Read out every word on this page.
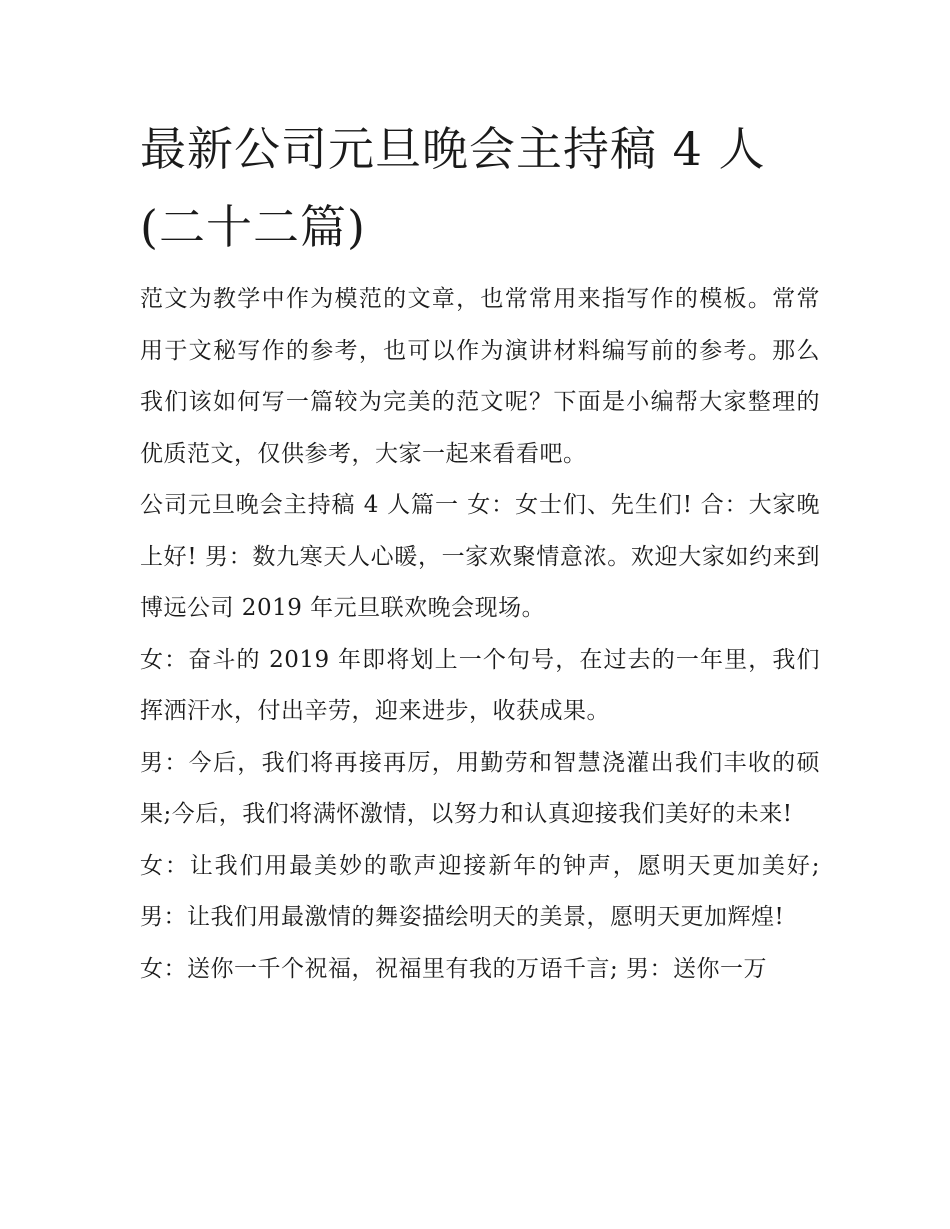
最新公司元旦晚会主持稿 4 人
(二十二篇)

范文为教学中作为模范的文章，也常常用来指写作的模板。常常用于文秘写作的参考，也可以作为演讲材料编写前的参考。那么我们该如何写一篇较为完美的范文呢？下面是小编帮大家整理的优质范文，仅供参考，大家一起来看看吧。

公司元旦晚会主持稿 4 人篇一 女：女士们、先生们! 合：大家晚上好! 男：数九寒天人心暖，一家欢聚情意浓。欢迎大家如约来到博远公司 2019 年元旦联欢晚会现场。

女：奋斗的 2019 年即将划上一个句号，在过去的一年里，我们挥洒汗水，付出辛劳，迎来进步，收获成果。

男：今后，我们将再接再厉，用勤劳和智慧浇灌出我们丰收的硕果;今后，我们将满怀激情，以努力和认真迎接我们美好的未来!

女：让我们用最美妙的歌声迎接新年的钟声，愿明天更加美好; 男：让我们用最激情的舞姿描绘明天的美景，愿明天更加辉煌!

女：送你一千个祝福，祝福里有我的万语千言; 男：送你一万
